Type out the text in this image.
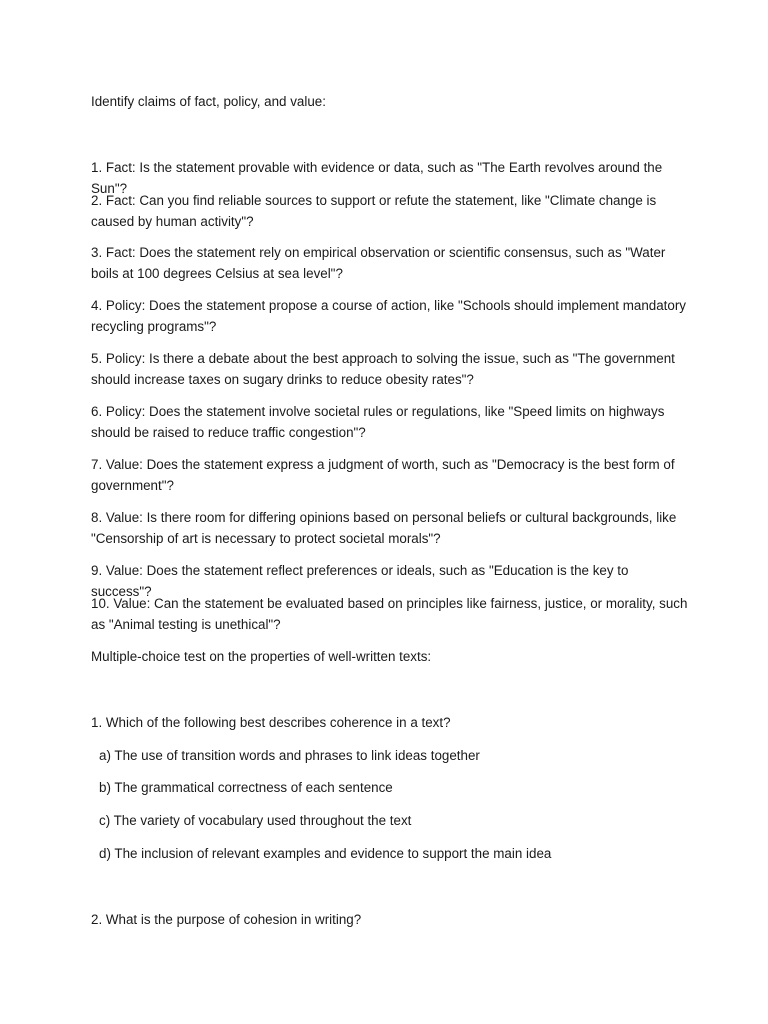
Identify claims of fact, policy, and value:

1. Fact: Is the statement provable with evidence or data, such as "The Earth revolves around the Sun"?

2. Fact: Can you find reliable sources to support or refute the statement, like "Climate change is caused by human activity"?

3. Fact: Does the statement rely on empirical observation or scientific consensus, such as "Water boils at 100 degrees Celsius at sea level"?

4. Policy: Does the statement propose a course of action, like "Schools should implement mandatory recycling programs"?

5. Policy: Is there a debate about the best approach to solving the issue, such as "The government should increase taxes on sugary drinks to reduce obesity rates"?

6. Policy: Does the statement involve societal rules or regulations, like "Speed limits on highways should be raised to reduce traffic congestion"?

7. Value: Does the statement express a judgment of worth, such as "Democracy is the best form of government"?

8. Value: Is there room for differing opinions based on personal beliefs or cultural backgrounds, like "Censorship of art is necessary to protect societal morals"?

9. Value: Does the statement reflect preferences or ideals, such as "Education is the key to success"?

10. Value: Can the statement be evaluated based on principles like fairness, justice, or morality, such as "Animal testing is unethical"?

Multiple-choice test on the properties of well-written texts:

1. Which of the following best describes coherence in a text?

a) The use of transition words and phrases to link ideas together

b) The grammatical correctness of each sentence

c) The variety of vocabulary used throughout the text

d) The inclusion of relevant examples and evidence to support the main idea

2. What is the purpose of cohesion in writing?
